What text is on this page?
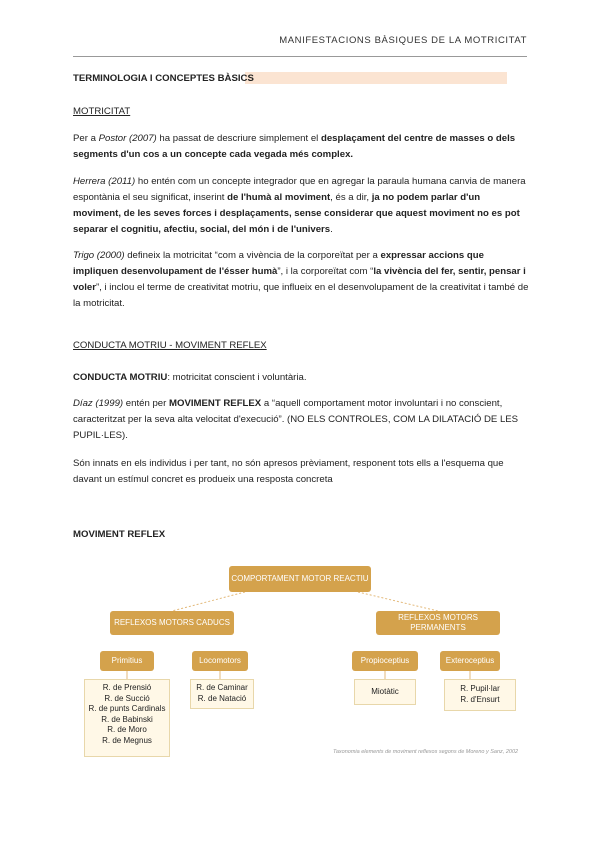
MANIFESTACIONS BÀSIQUES DE LA MOTRICITAT
TERMINOLOGIA I CONCEPTES BÀSICS
MOTRICITAT
Per a Postor (2007) ha passat de descriure simplement el desplaçament del centre de masses o dels segments d'un cos a un concepte cada vegada més complex.
Herrera (2011) ho entén com un concepte integrador que en agregar la paraula humana canvia de manera espontània el seu significat, inserint de l'humà al moviment, és a dir, ja no podem parlar d'un moviment, de les seves forces i desplaçaments, sense considerar que aquest moviment no es pot separar el cognitiu, afectiu, social, del món i de l'univers.
Trigo (2000) defineix la motricitat “com a vivència de la corporeïtat per a expressar accions que impliquen desenvolupament de l'ésser humà”, i la corporeïtat com “la vivència del fer, sentir, pensar i voler”, i inclou el terme de creativitat motriu, que influeix en el desenvolupament de la creativitat i també de la motricitat.
CONDUCTA MOTRIU - MOVIMENT REFLEX
CONDUCTA MOTRIU: motricitat conscient i voluntària.
Díaz (1999) entén per MOVIMENT REFLEX a “aquell comportament motor involuntari i no conscient, caracteritzat per la seva alta velocitat d'execució”. (NO ELS CONTROLES, COM LA DILATACIÓ DE LES PUPIL·LES).
Són innats en els individus i per tant, no són apresos prèviament, responent tots ells a l'esquema que davant un estímul concret es produeix una resposta concreta
MOVIMENT REFLEX
COMPORTAMENT MOTOR REACTIU
REFLEXOS MOTORS CADUCS
REFLEXOS MOTORS PERMANENTS
Primitius	Locomotors	Propioceptius	Exteroceptius
R. de Prensió
R. de Succió
R. de punts Cardinals
R. de Babinski
R. de Moro
R. de Megnus
R. de Caminar
R. de Natació
Miotàtic	R. Pupil·lar
R. d'Ensurt
Taxonomia elements de moviment reflexos segons de Moreno y Sanz, 2002
